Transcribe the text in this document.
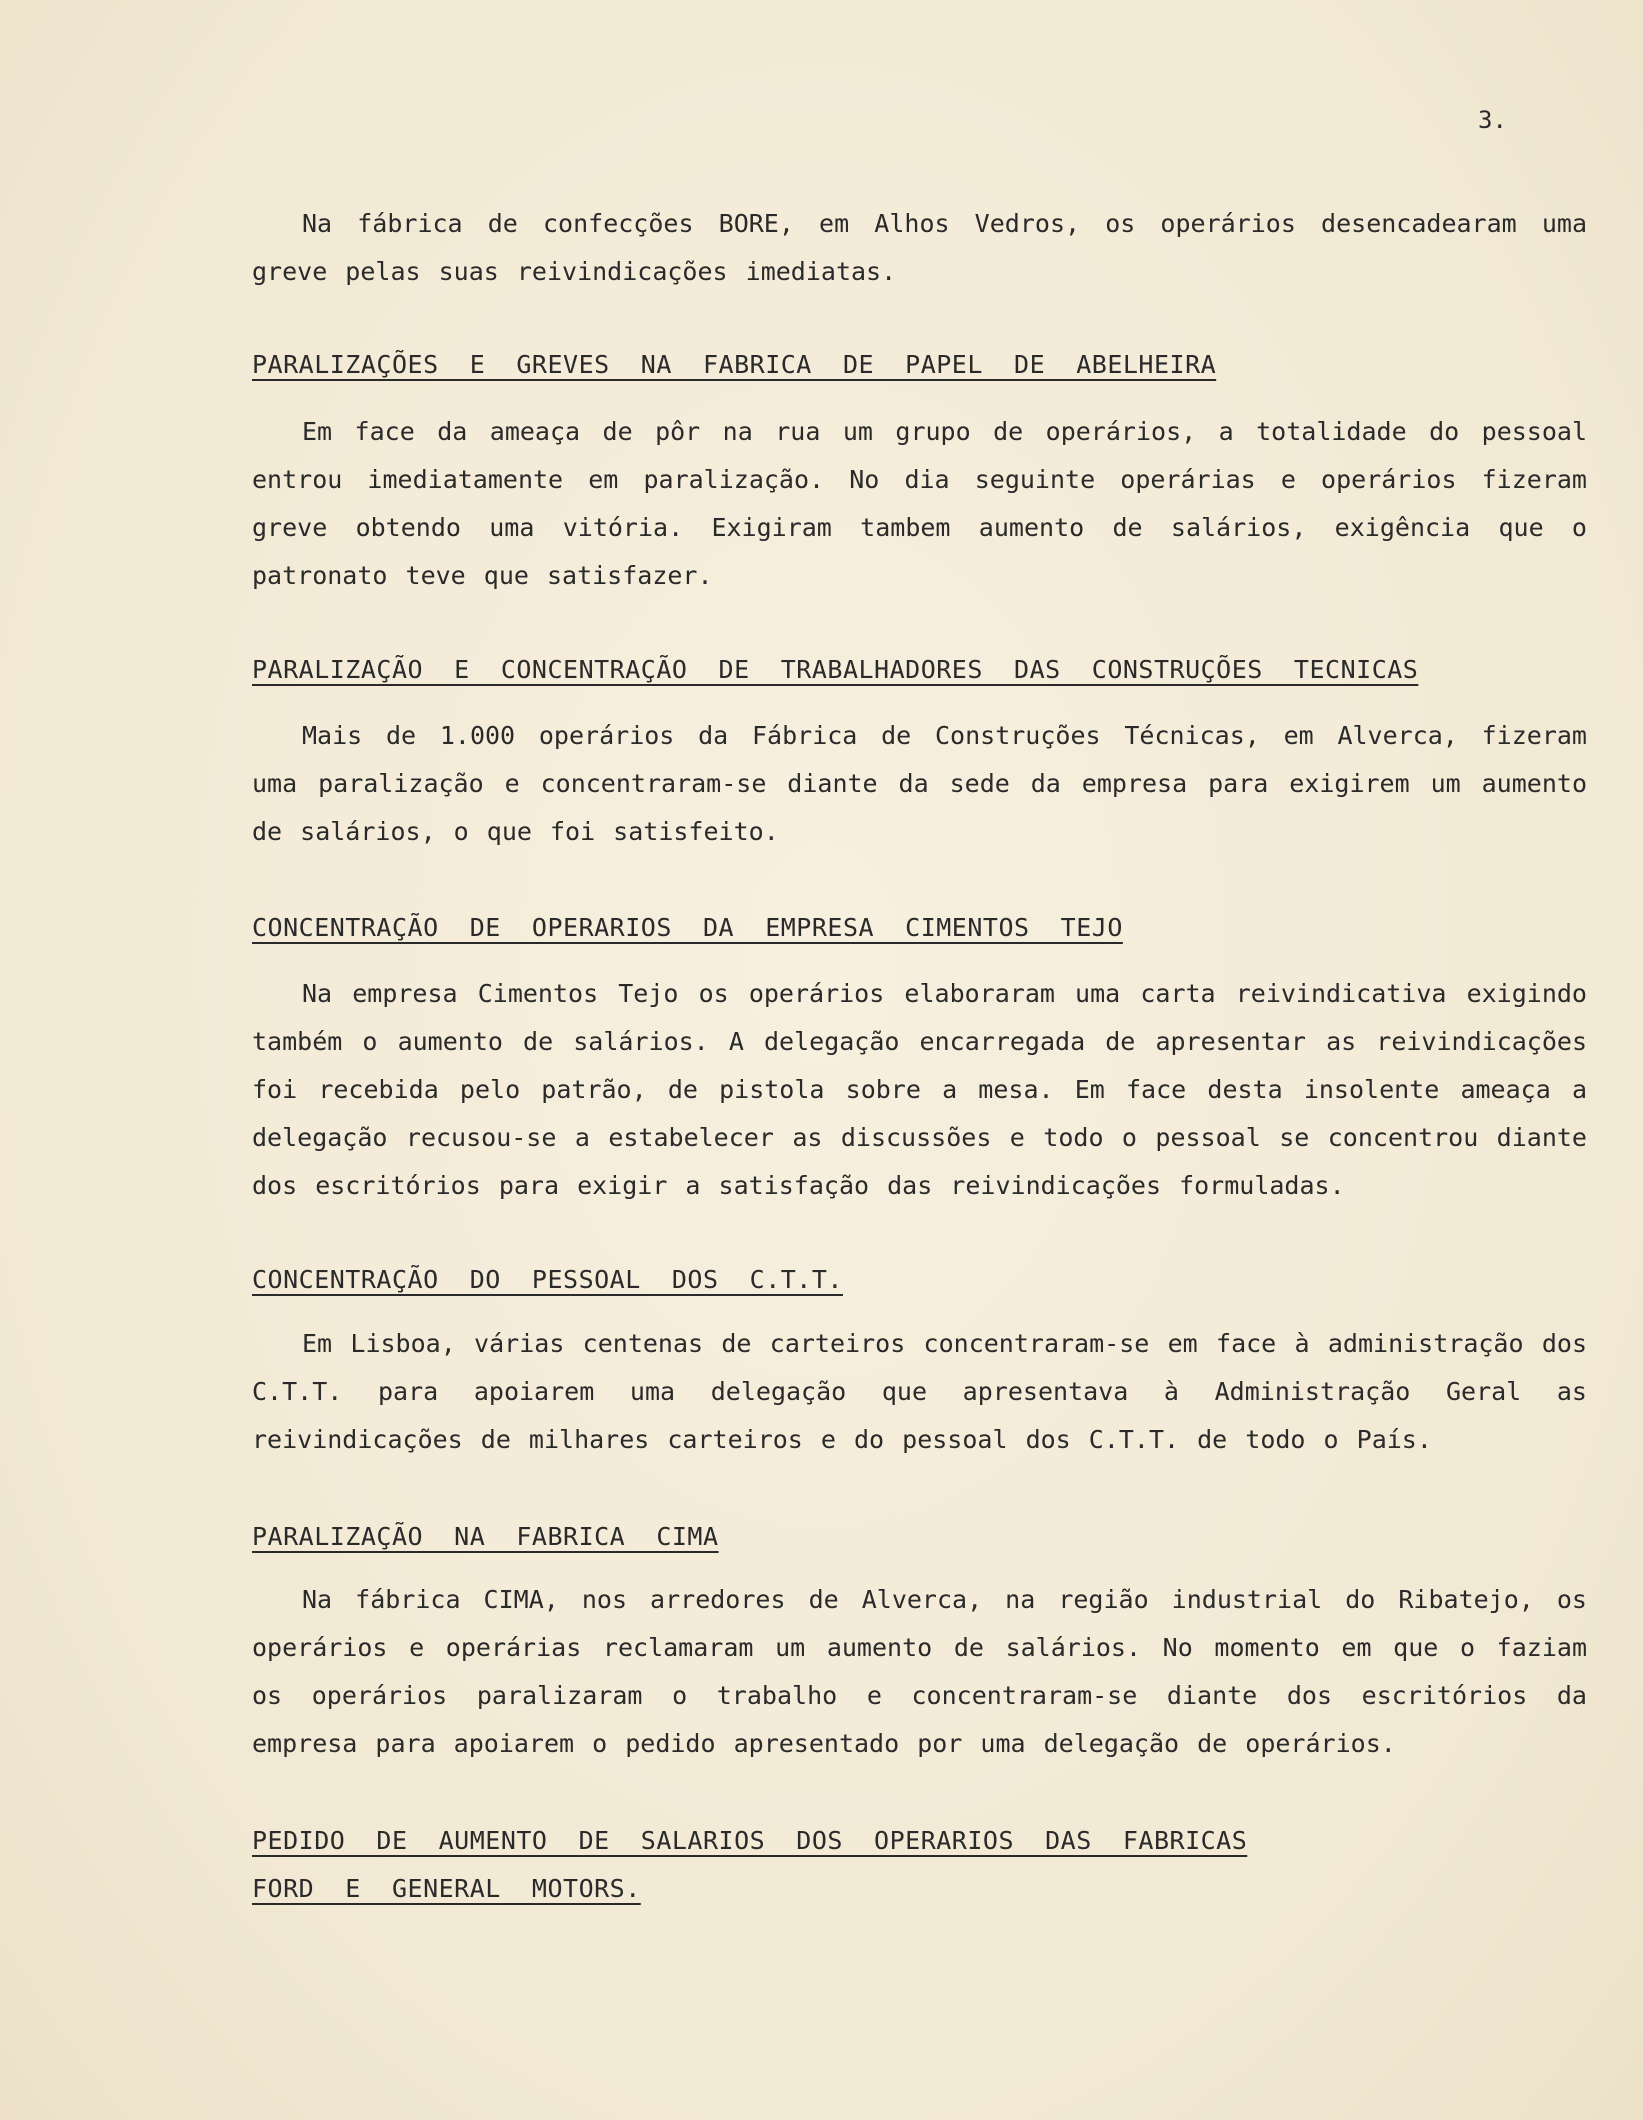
3.
Na fábrica de confecções BORE, em Alhos Vedros, os operários desencadearam uma greve pelas suas reivindicações imediatas.
PARALIZAÇÕES  E  GREVES  NA  FABRICA  DE  PAPEL  DE  ABELHEIRA
Em face da ameaça de pôr na rua um grupo de operários, a totalidade do pessoal entrou imediatamente em paralização. No dia seguinte operárias e operários fizeram greve obtendo uma vitória. Exigiram tambem aumento de salários, exigência que o patronato teve que satisfazer.
PARALIZAÇÃO  E  CONCENTRAÇÃO  DE  TRABALHADORES  DAS  CONSTRUÇÕES  TECNICAS
Mais de 1.000 operários da Fábrica de Construções Técnicas, em Alverca, fizeram uma paralização e concentraram-se diante da sede da empresa para exigirem um aumento de salários, o que foi satisfeito.
CONCENTRAÇÃO  DE  OPERARIOS  DA  EMPRESA  CIMENTOS  TEJO
Na empresa Cimentos Tejo os operários elaboraram uma carta reivindicativa exigindo também o aumento de salários. A delegação encarregada de apresentar as reivindicações foi recebida pelo patrão, de pistola sobre a mesa. Em face desta insolente ameaça a delegação recusou-se a estabelecer as discussões e todo o pessoal se concentrou diante dos escritórios para exigir a satisfação das reivindicações formuladas.
CONCENTRAÇÃO  DO  PESSOAL  DOS  C.T.T.
Em Lisboa, várias centenas de carteiros concentraram-se em face à administração dos C.T.T. para apoiarem uma delegação que apresentava à Administração Geral as reivindicações de milhares carteiros e do pessoal dos C.T.T. de todo o País.
PARALIZAÇÃO  NA  FABRICA  CIMA
Na fábrica CIMA, nos arredores de Alverca, na região industrial do Ribatejo, os operários e operárias reclamaram um aumento de salários. No momento em que o faziam os operários paralizaram o trabalho e concentraram-se diante dos escritórios da empresa para apoiarem o pedido apresentado por uma delegação de operários.
PEDIDO  DE  AUMENTO  DE  SALARIOS  DOS  OPERARIOS  DAS  FABRICAS
FORD  E  GENERAL  MOTORS.
